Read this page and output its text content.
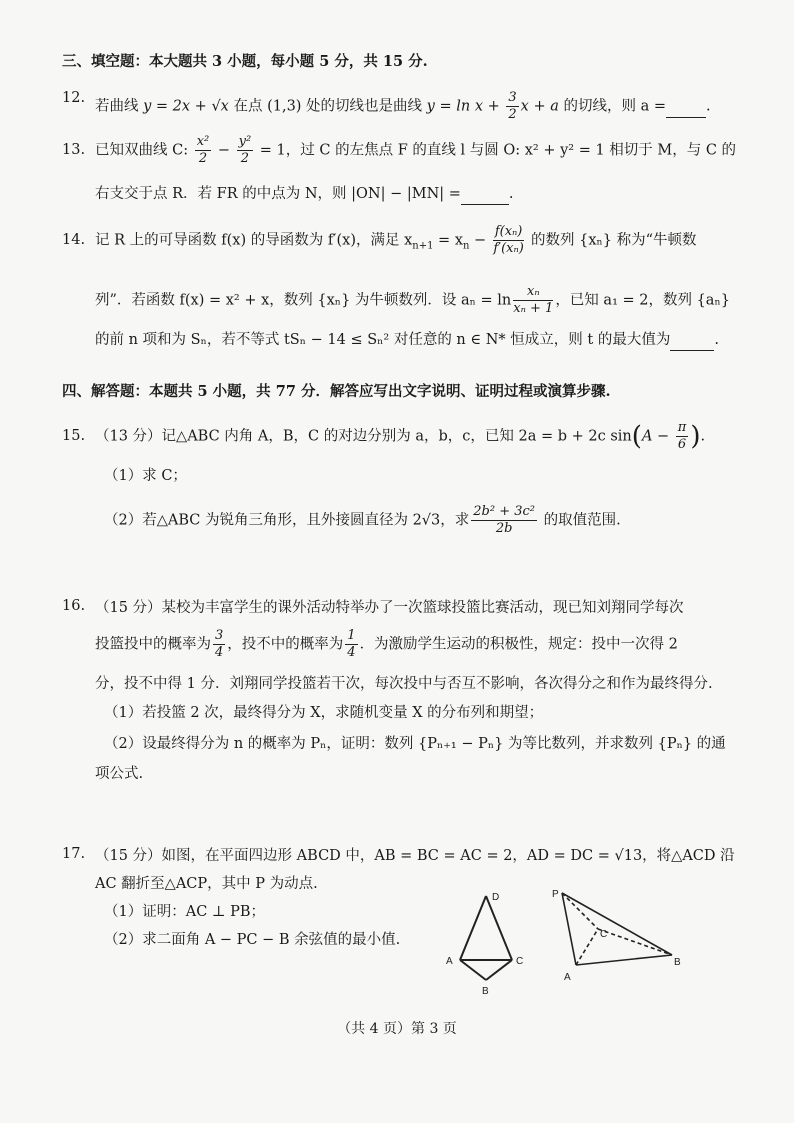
三、填空题：本大题共 3 小题，每小题 5 分，共 15 分.
12.
若曲线 y = 2x + √x 在点 (1,3) 处的切线也是曲线 $y = \ln x + \frac{3}{2}$ x + a 的切线，则 a =	.
13. 已知双曲线 C: $\frac{\text{x²}}{2} - \frac{\text{y²}}{2} = 1$，过 C 的左焦点 F 的直线 l 与圆 O: x² + y² = 1 相切于 M，与 C 的
右支交于点 R．若 FR 的中点为 N，则 |ON| − |MN| =	.
14. 记 R 上的可导函数 f(x) 的导函数为 f′(x)，满足 $x_{n+1} = x_n - \frac{\text{f(xₙ)}}{\text{f′(xₙ)}}$ 的数列 {xₙ} 称为“牛顿数
列”．若函数 f(x) = x² + x，数列 {xₙ} 为牛顿数列．设 $a_n = \ln \frac{\text{xₙ}}{\text{xₙ + 1}}$ ，已知 a₁ = 2，数列 {aₙ}
的前 n 项和为 Sₙ，若不等式 tSₙ − 14 ≤ Sₙ² 对任意的 n ∈ N* 恒成立，则 t 的最大值为	.
四、解答题：本题共 5 小题，共 77 分．解答应写出文字说明、证明过程或演算步骤.
15. （13 分）记△ABC 内角 A，B，C 的对边分别为 a，b，c，已知 2a = b + 2c $\sin(A - \frac{\pi}{6}$ ).
（1）求 C；
（2）若△ABC 为锐角三角形，且外接圆直径为 2√3，求 $\frac{\text{2b² + 3c²}}{2b}$ 的取值范围.
16. （15 分）某校为丰富学生的课外活动特举办了一次篮球投篮比赛活动，现已知刘翔同学每次
投篮投中的概率为 $\frac{3}{4}$ ，投不中的概率为 $\frac{1}{4}$ ．为激励学生运动的积极性，规定：投中一次得 2
分，投不中得 1 分．刘翔同学投篮若干次，每次投中与否互不影响，各次得分之和作为最终得分.
（1）若投篮 2 次，最终得分为 X，求随机变量 X 的分布列和期望；
（2）设最终得分为 n 的概率为 Pₙ，证明：数列 {Pₙ₊₁ − Pₙ} 为等比数列，并求数列 {Pₙ} 的通
项公式.
17. （15 分）如图，在平面四边形 ABCD 中，AB = BC = AC = 2，AD = DC = √13，将△ACD 沿
AC 翻折至△ACP，其中 P 为动点.
（1）证明：AC ⊥ PB；
（2）求二面角 A − PC − B 余弦值的最小值.
D
A	C
B
P
C
A
B
（共 4 页）第 3 页
